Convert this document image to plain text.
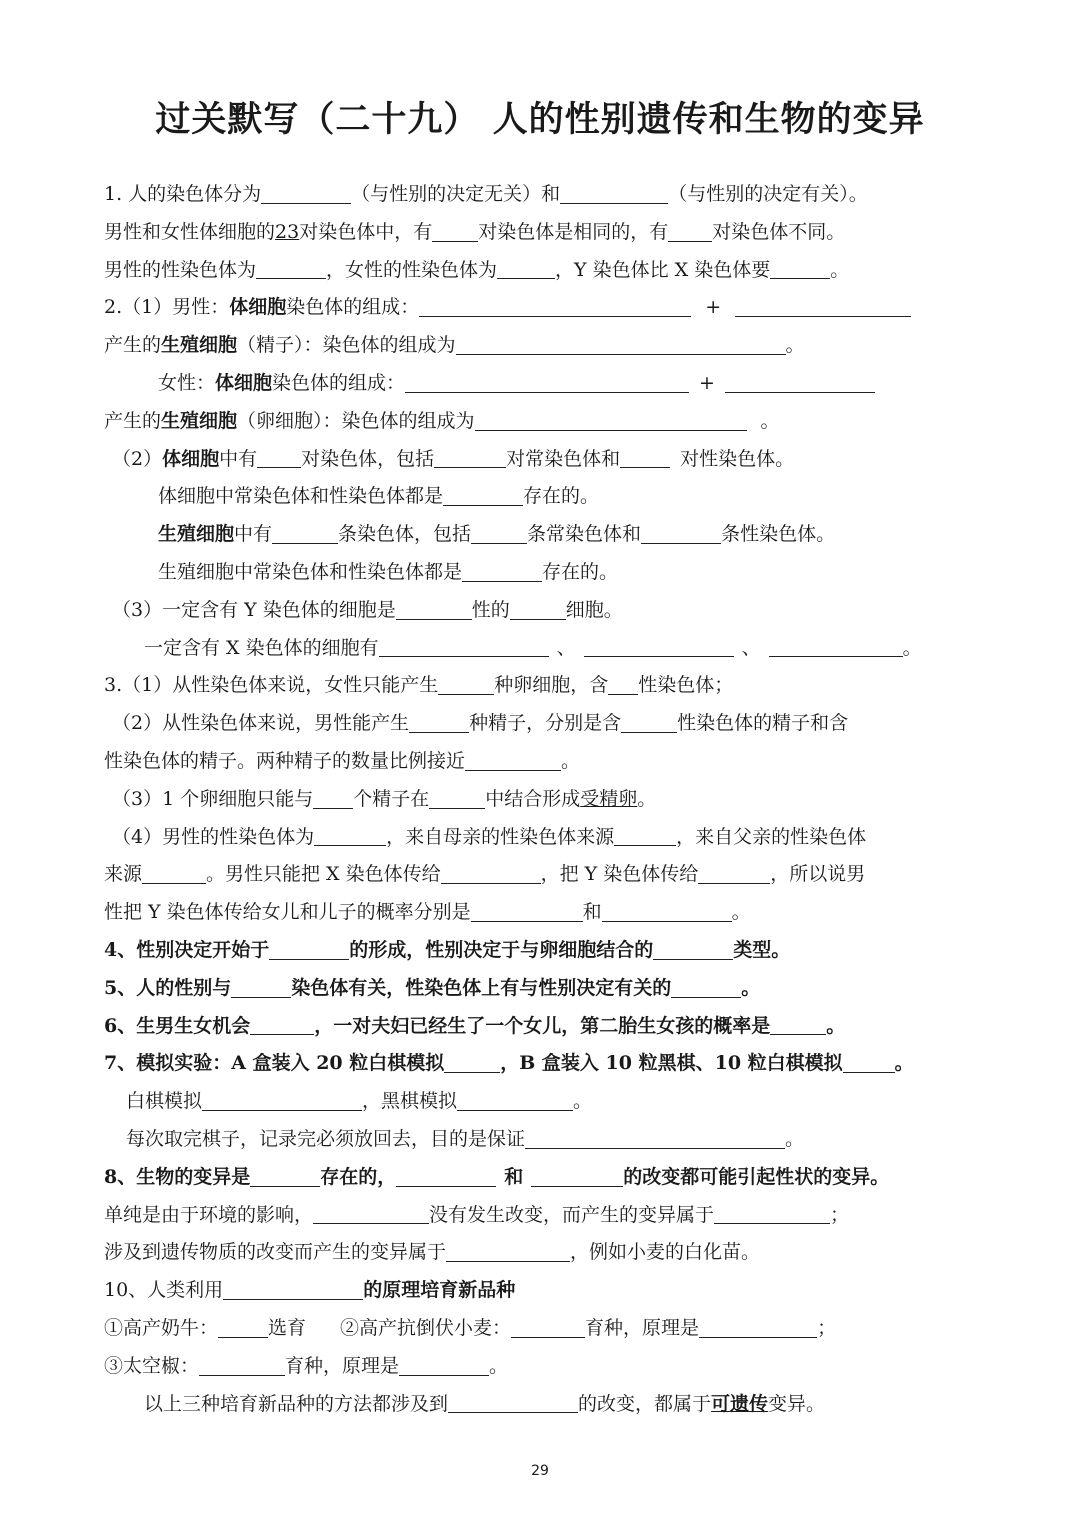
过关默写（二十九） 人的性别遗传和生物的变异
1. 人的染色体分为	（与性别的决定无关）和	（与性别的决定有关）。
男性和女性体细胞的23对染色体中，有 对染色体是相同的，有 对染色体不同。
男性的性染色体为	，女性的性染色体为	，Y 染色体比 X 染色体要	。
2.（1）男性：体细胞染色体的组成：	+
产生的生殖细胞（精子）：染色体的组成为	。
女性：体细胞染色体的组成：	+
产生的生殖细胞（卵细胞）：染色体的组成为	。
（2）体细胞中有 对染色体，包括	对常染色体和	对性染色体。
体细胞中常染色体和性染色体都是	存在的。
生殖细胞中有	条染色体，包括	条常染色体和	条性染色体。
生殖细胞中常染色体和性染色体都是	存在的。
（3）一定含有 Y 染色体的细胞是	性的	细胞。
一定含有 X 染色体的细胞有	、	、	。
3.（1）从性染色体来说，女性只能产生	种卵细胞，含 性染色体；
（2）从性染色体来说，男性能产生	种精子，分别是含	性染色体的精子和含
性染色体的精子。两种精子的数量比例接近	。
（3）1 个卵细胞只能与 个精子在	中结合形成受精卵。
（4）男性的性染色体为	，来自母亲的性染色体来源	，来自父亲的性染色体
来源	。男性只能把 X 染色体传给	，把 Y 染色体传给	，所以说男
性把 Y 染色体传给女儿和儿子的概率分别是	和	。
4、性别决定开始于	的形成，性别决定于与卵细胞结合的	类型。
5、人的性别与	染色体有关，性染色体上有与性别决定有关的	。
6、生男生女机会	，一对夫妇已经生了一个女儿，第二胎生女孩的概率是	。
7、模拟实验：A 盒装入 20 粒白棋模拟	，B 盒装入 10 粒黑棋、10 粒白棋模拟	。
白棋模拟	，黑棋模拟	。
每次取完棋子，记录完必须放回去，目的是保证	。
8、生物的变异是	存在的，	和	的改变都可能引起性状的变异。
单纯是由于环境的影响，	没有发生改变，而产生的变异属于	；
涉及到遗传物质的改变而产生的变异属于	，例如小麦的白化苗。
10、人类利用	的原理培育新品种
①高产奶牛：	选育 ②高产抗倒伏小麦：	育种，原理是	；
③太空椒：	育种，原理是	。
以上三种培育新品种的方法都涉及到	的改变，都属于可遗传变异。
29
